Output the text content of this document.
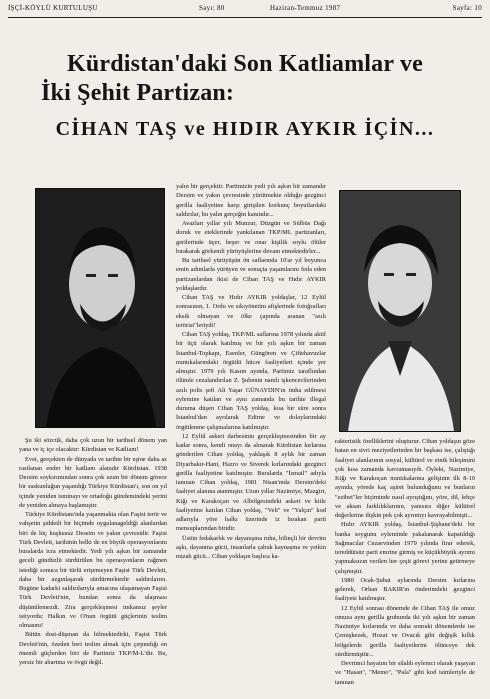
İŞÇİ-KÖYLÜ KURTULUŞU	Sayı: 80	Haziran-Temmuz 1987	Sayfa: 10
Kürdistan'daki Son Katliamlar ve
İki Şehit Partizan:
CİHAN TAŞ ve HIDIR AYKIR İÇİN...

Şu iki sözcük, daha çok uzun bir tarihsel dönem yan yana ve iç içe olacaktır: Kürdistan ve Katliam!

Evet, gerçekten de dünyada ve tarihte bir eşine daha az rastlanan ender bir katliam alanıdır Kürdistan. 1938 Dersim soykırımından sonra çok uzun bir dönem görece bir suskunluğun yaşandığı Türkiye Kürdistan'ı, son on yıl içinde yeniden isminayı ve ortadoğu gündemindeki yerini de yeniden almaya başlamıştır.

Türkiye Kürdistanı'nda yaşanmakta olan Faşist terör ve vahşetin şiddetli bir biçimde uygulanageldiği alanlardan biri de hiç kuşkusuz Dessim ve yakın çevresidir. Faşist Türk Devleti, tarihinin belki de en büyük operasyonlarını buralarda icra etmektedir. Yedi yılı aşkın bir zamandır geceli gündüzlü sürdürülen bu operasyonların rağmen istediği sonuca bir türlü erişemeyen Faşist Türk Devleti, daha bir azgınlaşarak sürdürmektedir saldırılarını. Bugüne kadarki saldırılarıyla amacına ulaşamayan Faşist Türk Devleti'nin, bundan sonra da ulaşması düşünülemezdi. Zira gerçekleşmesi imkansız şeyler istiyordu: Halkın ve O'nun örgütü güçlerinin teslim olmasını!

Bütün dost-düşman da bilmektedirki, Faşist Türk Devleti'nin, özeden beri teslim almak için çırpındığı en önemli güçlerden biri de Partimiz TKP/M-L'dir. Bu, yersiz bir abartma ve övgü değil.

yalın bir gerçektir. Partimizin yedi yılı aşkın bir zamandır Dersim ve yakın çevresinde yürütmekte olduğu gezginci gerilla faaliyetine karşı girişilen korkunç boyutlardaki saldırılar, bu yalın gerçeğin kanıtıdır...

Avazları yıllar yılı Munzur, Düzgün ve Sülbüs Dağı doruk ve eteklerinde yankılanan TKP/ML partizanları, gerilerinde üçer, beşer ve onar kişilik soylu ölüler bırakarak görkemli yürüyüşlerine devam etmektedirler...

Bu tarihsel yürüyüşün ön saflarında 10'ar yıl boyunca emin adımlarla yürüyen ve sonuçta yaşamlarını feda eden partizanlardan ikisi de Cihan TAŞ ve Hıdır AYKIR yoldaşlardır.

Cihan TAŞ ve Hıdır AYKIR yoldaşlar, 12 Eylül sonrasının, 1. Ordu ve sıkıyönetim afişlerinde fotoğrafları eksik olmayan ve ölke çapında aranan "azılı terörist"leriydi!

Cihan TAŞ yoldaş, TKP/ML saflarına 1978 yılında aktif bir üçü olarak katılmış ve bir yılı aşkın bir zaman İstanbul-Topkapı, Esenler, Güngören ve Çiftehavuzlar mıntıkalarındaki örgütlü hücre faaliyetleri içinde yer almıştır. 1979 yılı Kasım ayında, Partimiz taraflından ölümle cezalandırılan Z. Şubenin namlı işkencecilerinden azılı polis şefi Ali Yaşar GÜNAYDIN'ın imha edilmesi eylemine katılan ve aynı zamanda bu tarihte illegal duruma düşen Cihan TAŞ yoldaş, kısa bir süre sonra İstanbul'dan ayrılarak Edirne ve dolaylarındaki örgütlenme çalışmalarına katılmıştır.

12 Eylül askeri darbesinin gerçekleşmesinden bir ay kadar sonra, kendi onayı da alınarak Kürdistan kırlarına gönderilen Cihan yoldaş, yaklaşık 8 aylık bir zaman Diyarbakır-Hani, Hazro ve Siverek kırlarındaki gezginci gerilla faaliyetine katılmıştır. Buralarda "İsmail" adıyla tanınan Cihan yoldaş, 1981 Nisan'ında Dersim'deki faaliyet alanına atanmıştır. Uzun yıllar Nazimiye, Mazgirt, Kiğı ve Karakoçan ve Albölgesindeki askeri ve kitle faaliyetine katılan Cihan yoldaş, "Veli" ve "Yalçın" kod adlarıyla yöre halkı üzerinde iz bırakan parti mensuplarından biridir.

Üstün fedakarlık ve dayanışma ruhu, bilinçli bir devrim aşkı, dayanma gücü, insanlarla çabuk kaynaşma ve yetkin mizah gücü... Cihan yoldaşın başlıca ka-

rakteristik özelliklerini oluşturur. Cihan yoldaşın göze batan en sivri meziyetlerinden bir başkası ise, çalıştığı faaliyet alanlarının sosyal, kültürel ve etnik bileşimini çok kısa zamanda kavramasıydı. Öyleki, Nazimiye, Kiğı ve Karakoçan mıntıkalarına gelişinin ilk 8-10 ayında, yörede kaç aşiret bulunduğunu ve bunların "ezibet"ler biçiminde nasıl ayrıştığını, yöre, dil, lehçe ve aksan farklılıklarının, yanısıra diğer kültürel değerlerine ilişkin pek çok ayrıntıyı kavrayabilmişti...

Hıdır AYKIR yoldaş, İstanbul-Şişhane'deki bir banka soygunu eyleminde yakalanarak kapatıldığı Sağmacılar Cezaevinden 1979 yılında firar ederek, tereddütsüz parti emrine girmiş ve küçükbüyük ayrımı yapmaksızın verilen her çeşit görevi yerine getirmeye çalışmıştır.

1980 Ocak-Şubat aylarında Dersim kırlarına gelerek, Orhan BAKIR'ın önderimdeki gezginci faaliyete katılmıştır.

12 Eylül sonrası dönemde de Cihan TAŞ ile omuz omuza aynı gerilla grubunda iki yılı aşkın bir zaman Nazimiye kırlarında ve daha sonraki dönemlerde ise Çemişkezek, Hozat ve Ovacık gibi değişik kıllık bölgelerde gerilla faaliyetlerini ölünceye dek sürdürmüştür...

Devrimci hayatını bir silahlı eylemci olarak yaşayan ve "Hasan", "Memo", "Pala" gibi kod isimleriyle de tanınan
